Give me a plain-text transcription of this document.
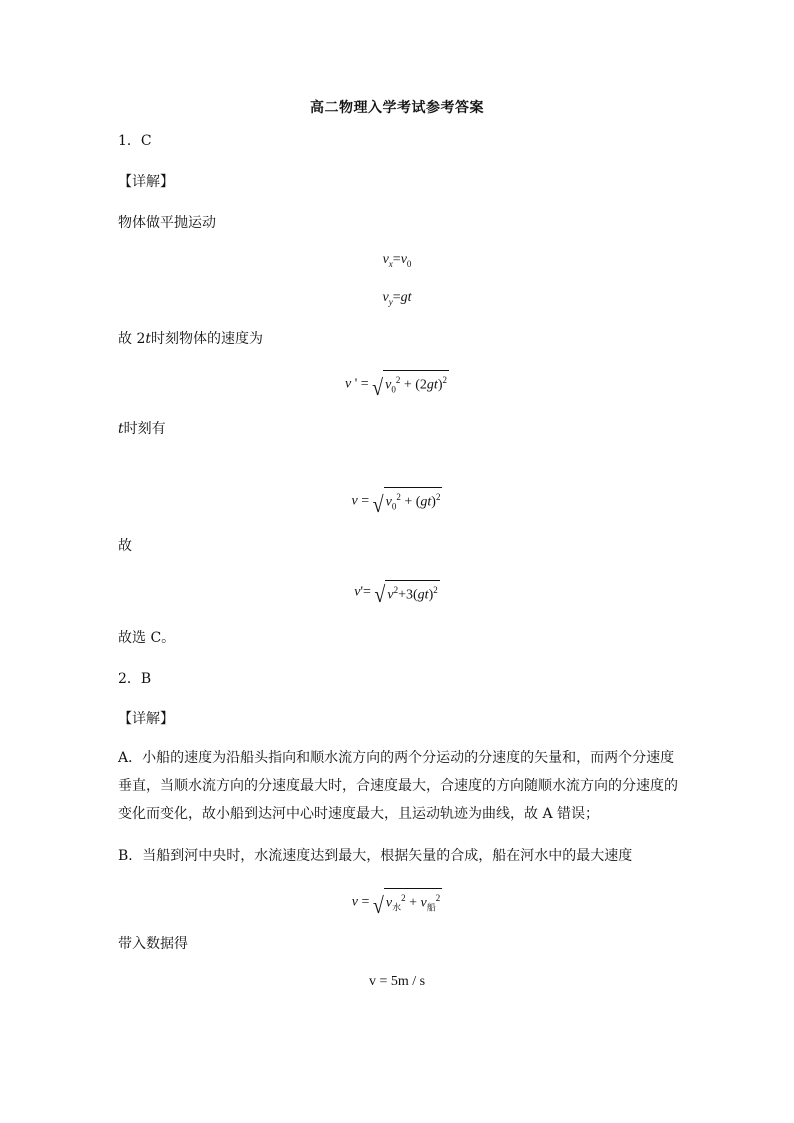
高二物理入学考试参考答案
1．C
【详解】
物体做平抛运动
$v_x=v_0$
$v_y=gt$
故 2t时刻物体的速度为
v ' = √ $v_0^2 + (2gt)^2$
t时刻有
v = √ $v_0^2 + (gt)^2$
故
v'= √ $v^2+3(gt)^2$
故选 C。
2．B
【详解】
A．小船的速度为沿船头指向和顺水流方向的两个分运动的分速度的矢量和，而两个分速度垂直，当顺水流方向的分速度最大时，合速度最大，合速度的方向随顺水流方向的分速度的变化而变化，故小船到达河中心时速度最大，且运动轨迹为曲线，故 A 错误；
B．当船到河中央时，水流速度达到最大，根据矢量的合成，船在河水中的最大速度
v = √ $v_水^2 + v_船^2$
带入数据得
v = 5m / s
